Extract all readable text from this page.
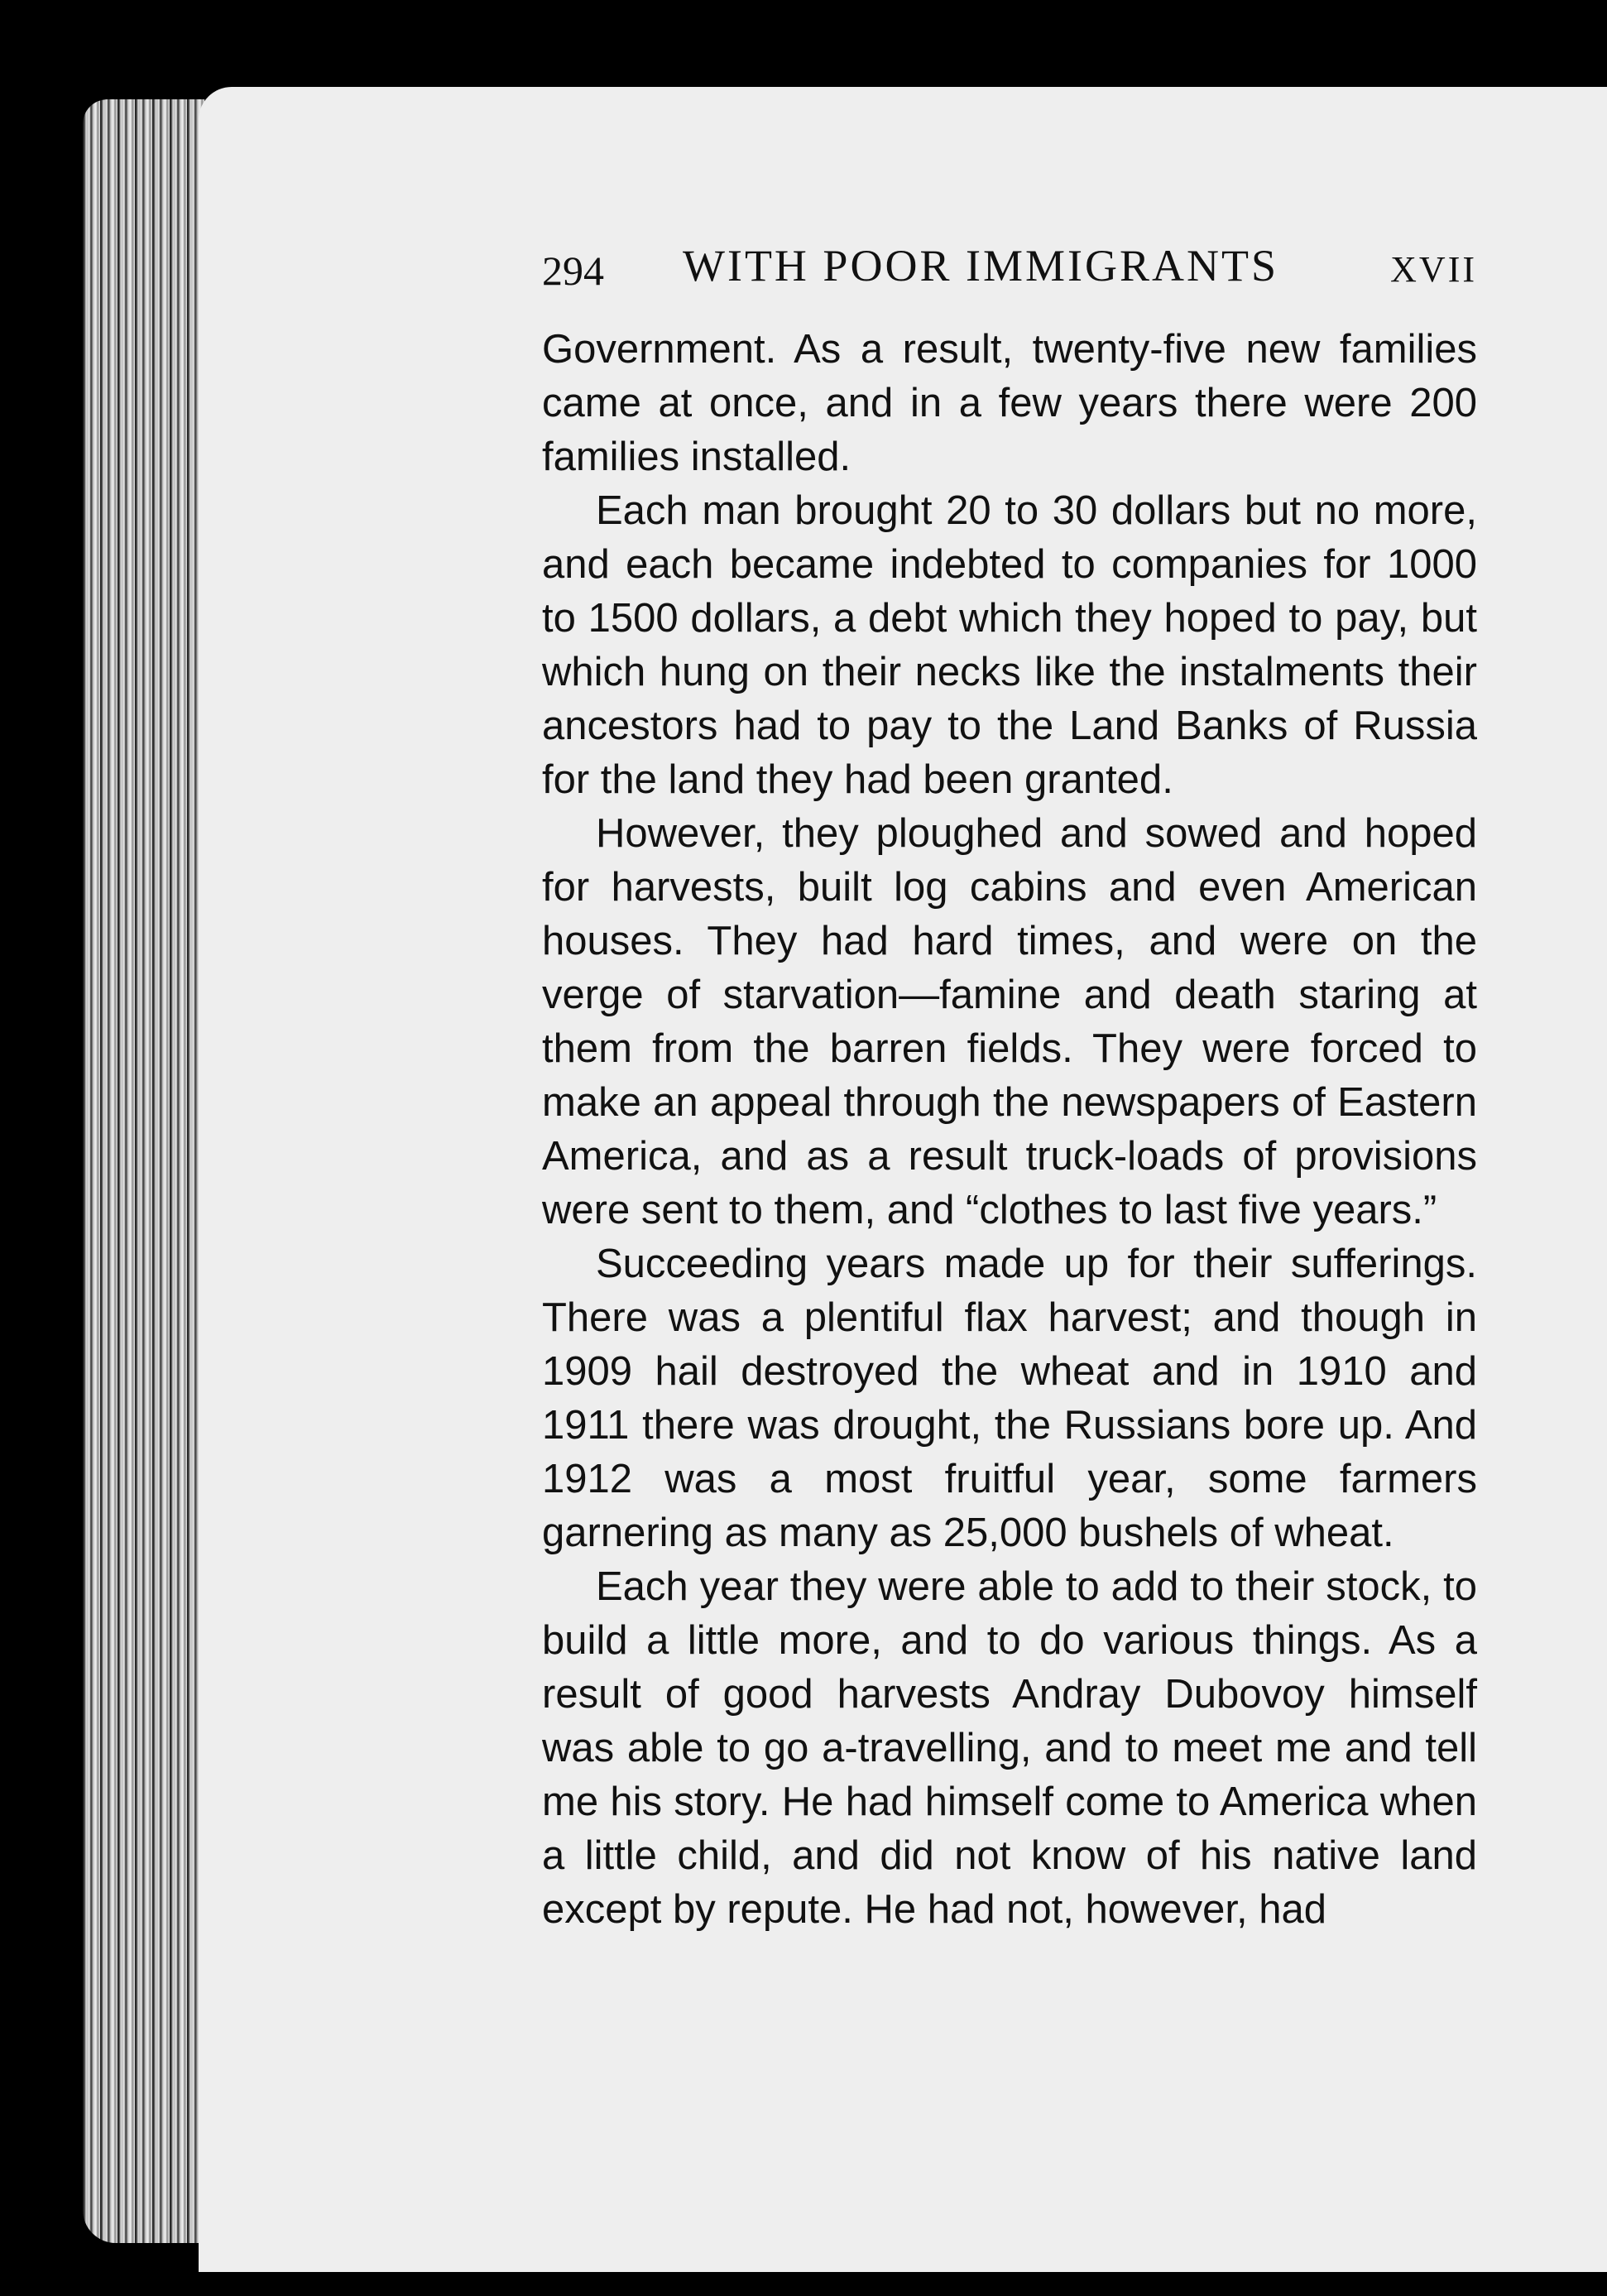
294 WITH POOR IMMIGRANTS	XVII

Government. As a result, twenty-five new families came at once, and in a few years there were 200 families installed.

Each man brought 20 to 30 dollars but no more, and each became indebted to companies for 1000 to 1500 dollars, a debt which they hoped to pay, but which hung on their necks like the instalments their ancestors had to pay to the Land Banks of Russia for the land they had been granted.

However, they ploughed and sowed and hoped for harvests, built log cabins and even American houses. They had hard times, and were on the verge of starvation—famine and death staring at them from the barren fields. They were forced to make an appeal through the newspapers of Eastern America, and as a result truck-loads of provisions were sent to them, and “clothes to last five years.”

Succeeding years made up for their sufferings. There was a plentiful flax harvest; and though in 1909 hail destroyed the wheat and in 1910 and 1911 there was drought, the Russians bore up. And 1912 was a most fruitful year, some farmers garnering as many as 25,000 bushels of wheat.

Each year they were able to add to their stock, to build a little more, and to do various things. As a result of good harvests Andray Dubovoy himself was able to go a-travelling, and to meet me and tell me his story. He had himself come to America when a little child, and did not know of his native land except by repute. He had not, however, had
